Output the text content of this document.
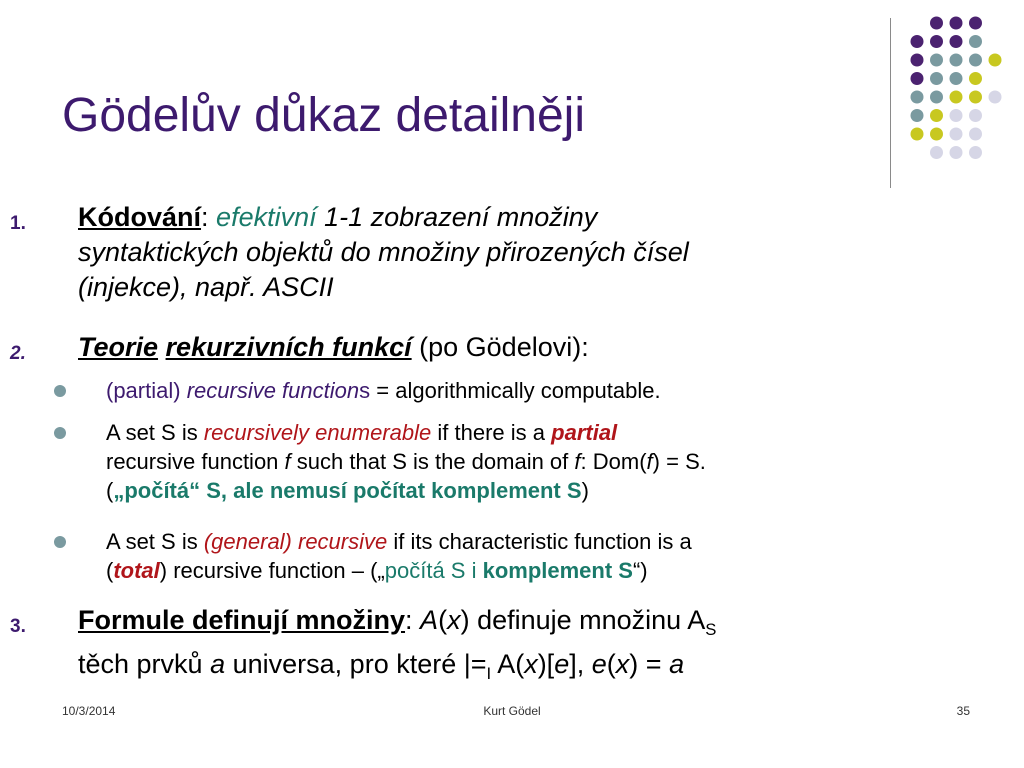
Gödelův důkaz detailněji
1. Kódování: efektivní 1-1 zobrazení množiny
syntaktických objektů do množiny přirozených čísel
(injekce), např. ASCII
2. Teorie rekurzivních funkcí (po Gödelovi):
(partial) recursive functions = algorithmically computable.
A set S is recursively enumerable if there is a partial
recursive function f such that S is the domain of f: Dom(f) = S.
(„počítá“ S, ale nemusí počítat komplement S)
A set S is (general) recursive if its characteristic function is a
(total) recursive function – („počítá S i komplement S“)
3. Formule definují množiny: A(x) definuje množinu $A_S$
těch prvků a universa, pro které $|=_I$ A(x)[e], e(x) = a
10/3/2014	Kurt Gödel	35
